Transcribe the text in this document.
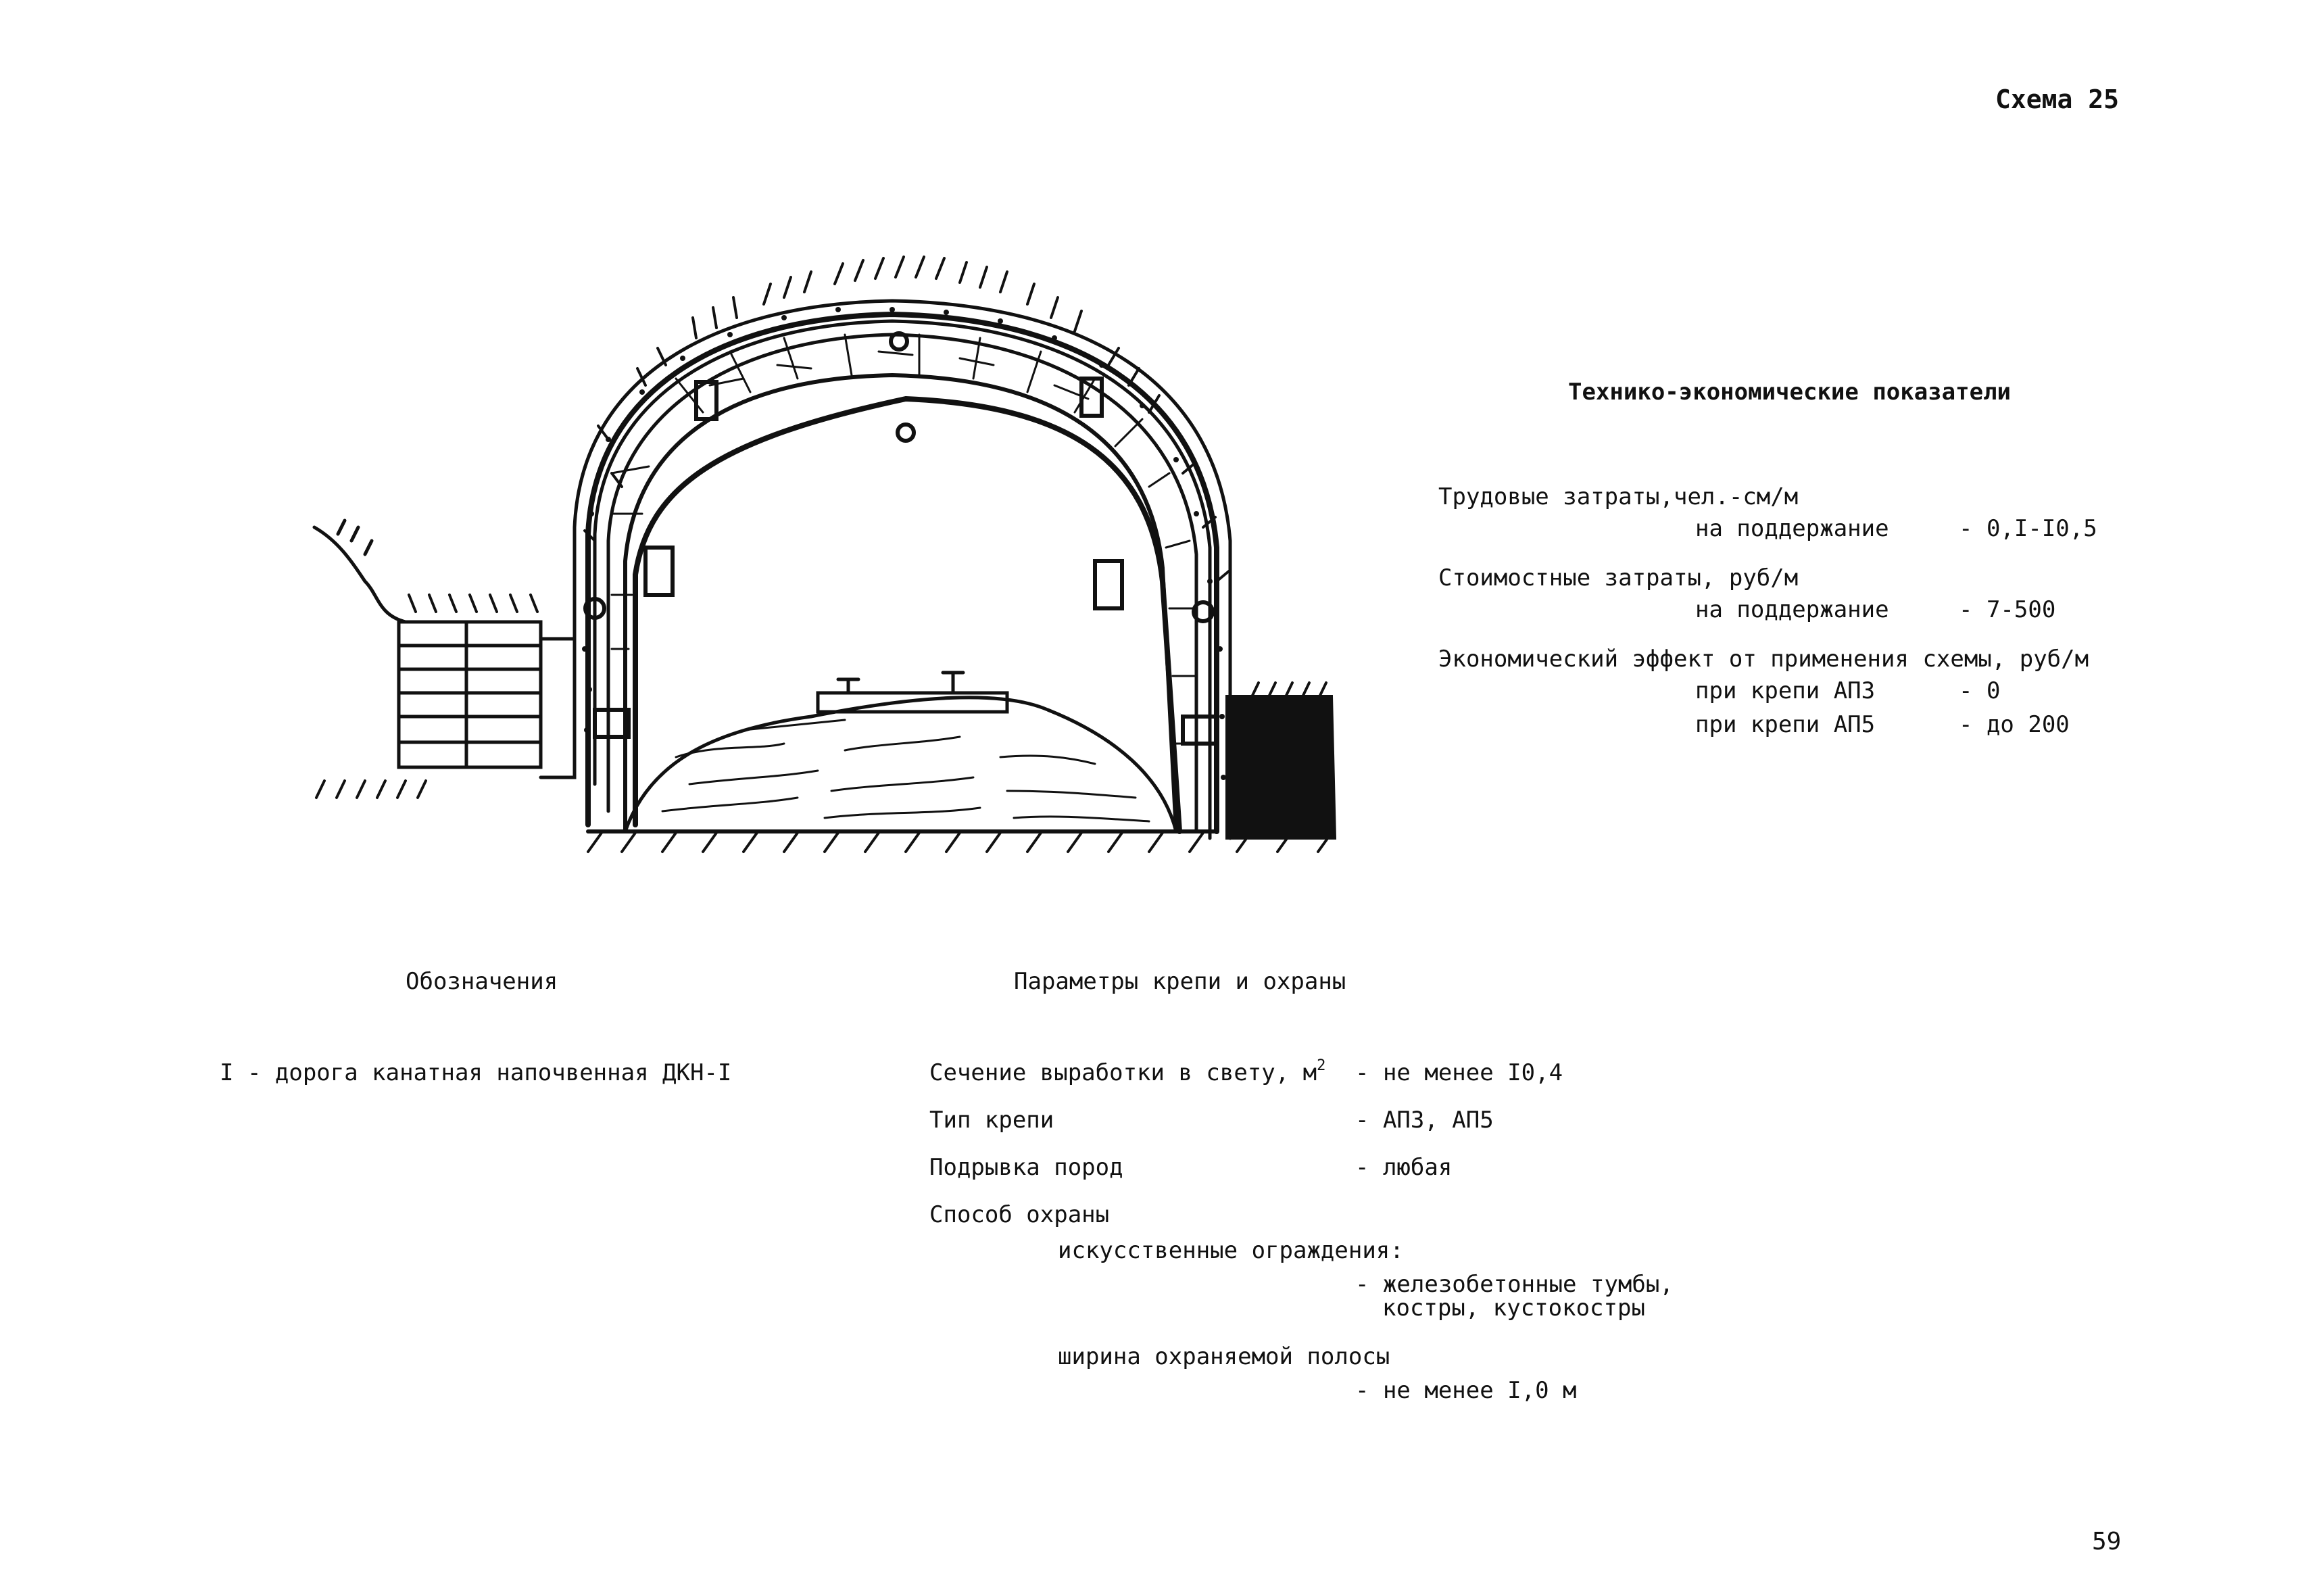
Схема 25
Технико-экономические показатели
Трудовые затраты,чел.-см/м
на поддержание	- 0,I-I0,5
Стоимостные затраты, руб/м
на поддержание	- 7-500
Экономический эффект от применения схемы, руб/м
при крепи АПЗ	- 0
при крепи АП5	- до 200
Обозначения
I - дорога канатная напочвенная ДКН-I
Параметры крепи и охраны
Сечение выработки в свету, $м^2$ - не менее I0,4
Тип крепи	- АПЗ, АП5
Подрывка пород	- любая
Способ охраны
искусственные ограждения:
- железобетонные тумбы,
костры, кустокостры
ширина охраняемой полосы
- не менее I,0 м
59
